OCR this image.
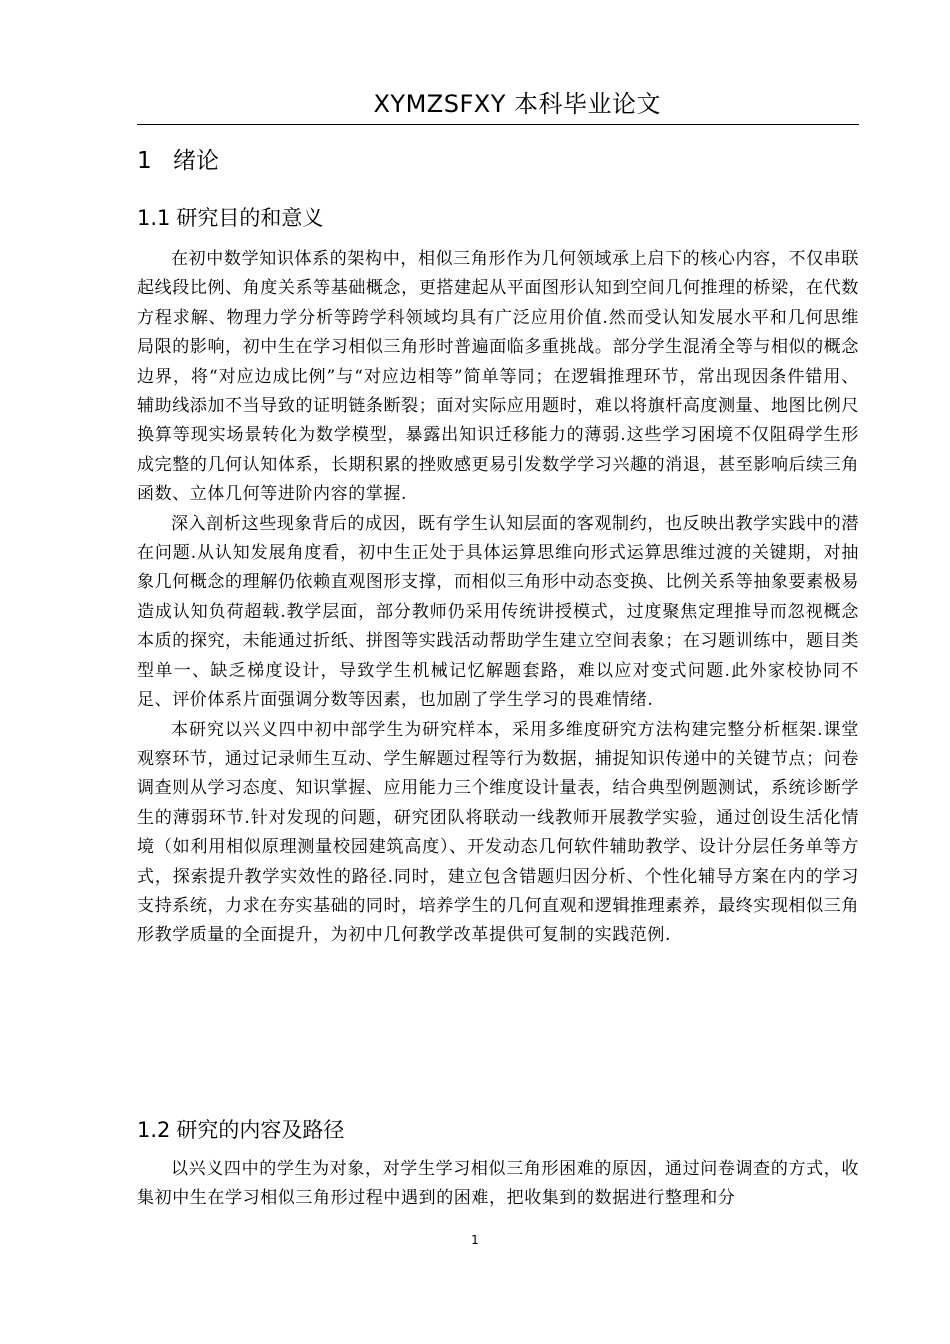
XYMZSFXY 本科毕业论文
1 绪论
1.1 研究目的和意义

在初中数学知识体系的架构中，相似三角形作为几何领域承上启下的核心内容，不仅串联起线段比例、角度关系等基础概念，更搭建起从平面图形认知到空间几何推理的桥梁，在代数方程求解、物理力学分析等跨学科领域均具有广泛应用价值.然而受认知发展水平和几何思维局限的影响，初中生在学习相似三角形时普遍面临多重挑战。部分学生混淆全等与相似的概念边界，将“对应边成比例”与“对应边相等”简单等同；在逻辑推理环节，常出现因条件错用、辅助线添加不当导致的证明链条断裂；面对实际应用题时，难以将旗杆高度测量、地图比例尺换算等现实场景转化为数学模型，暴露出知识迁移能力的薄弱.这些学习困境不仅阻碍学生形成完整的几何认知体系，长期积累的挫败感更易引发数学学习兴趣的消退，甚至影响后续三角函数、立体几何等进阶内容的掌握.

深入剖析这些现象背后的成因，既有学生认知层面的客观制约，也反映出教学实践中的潜在问题.从认知发展角度看，初中生正处于具体运算思维向形式运算思维过渡的关键期，对抽象几何概念的理解仍依赖直观图形支撑，而相似三角形中动态变换、比例关系等抽象要素极易造成认知负荷超载.教学层面，部分教师仍采用传统讲授模式，过度聚焦定理推导而忽视概念本质的探究，未能通过折纸、拼图等实践活动帮助学生建立空间表象；在习题训练中，题目类型单一、缺乏梯度设计，导致学生机械记忆解题套路，难以应对变式问题.此外家校协同不足、评价体系片面强调分数等因素，也加剧了学生学习的畏难情绪.

本研究以兴义四中初中部学生为研究样本，采用多维度研究方法构建完整分析框架.课堂观察环节，通过记录师生互动、学生解题过程等行为数据，捕捉知识传递中的关键节点；问卷调查则从学习态度、知识掌握、应用能力三个维度设计量表，结合典型例题测试，系统诊断学生的薄弱环节.针对发现的问题，研究团队将联动一线教师开展教学实验，通过创设生活化情境（如利用相似原理测量校园建筑高度）、开发动态几何软件辅助教学、设计分层任务单等方式，探索提升教学实效性的路径.同时，建立包含错题归因分析、个性化辅导方案在内的学习支持系统，力求在夯实基础的同时，培养学生的几何直观和逻辑推理素养，最终实现相似三角形教学质量的全面提升，为初中几何教学改革提供可复制的实践范例.

1.2 研究的内容及路径

以兴义四中的学生为对象，对学生学习相似三角形困难的原因，通过问卷调查的方式，收集初中生在学习相似三角形过程中遇到的困难，把收集到的数据进行整理和分

1
